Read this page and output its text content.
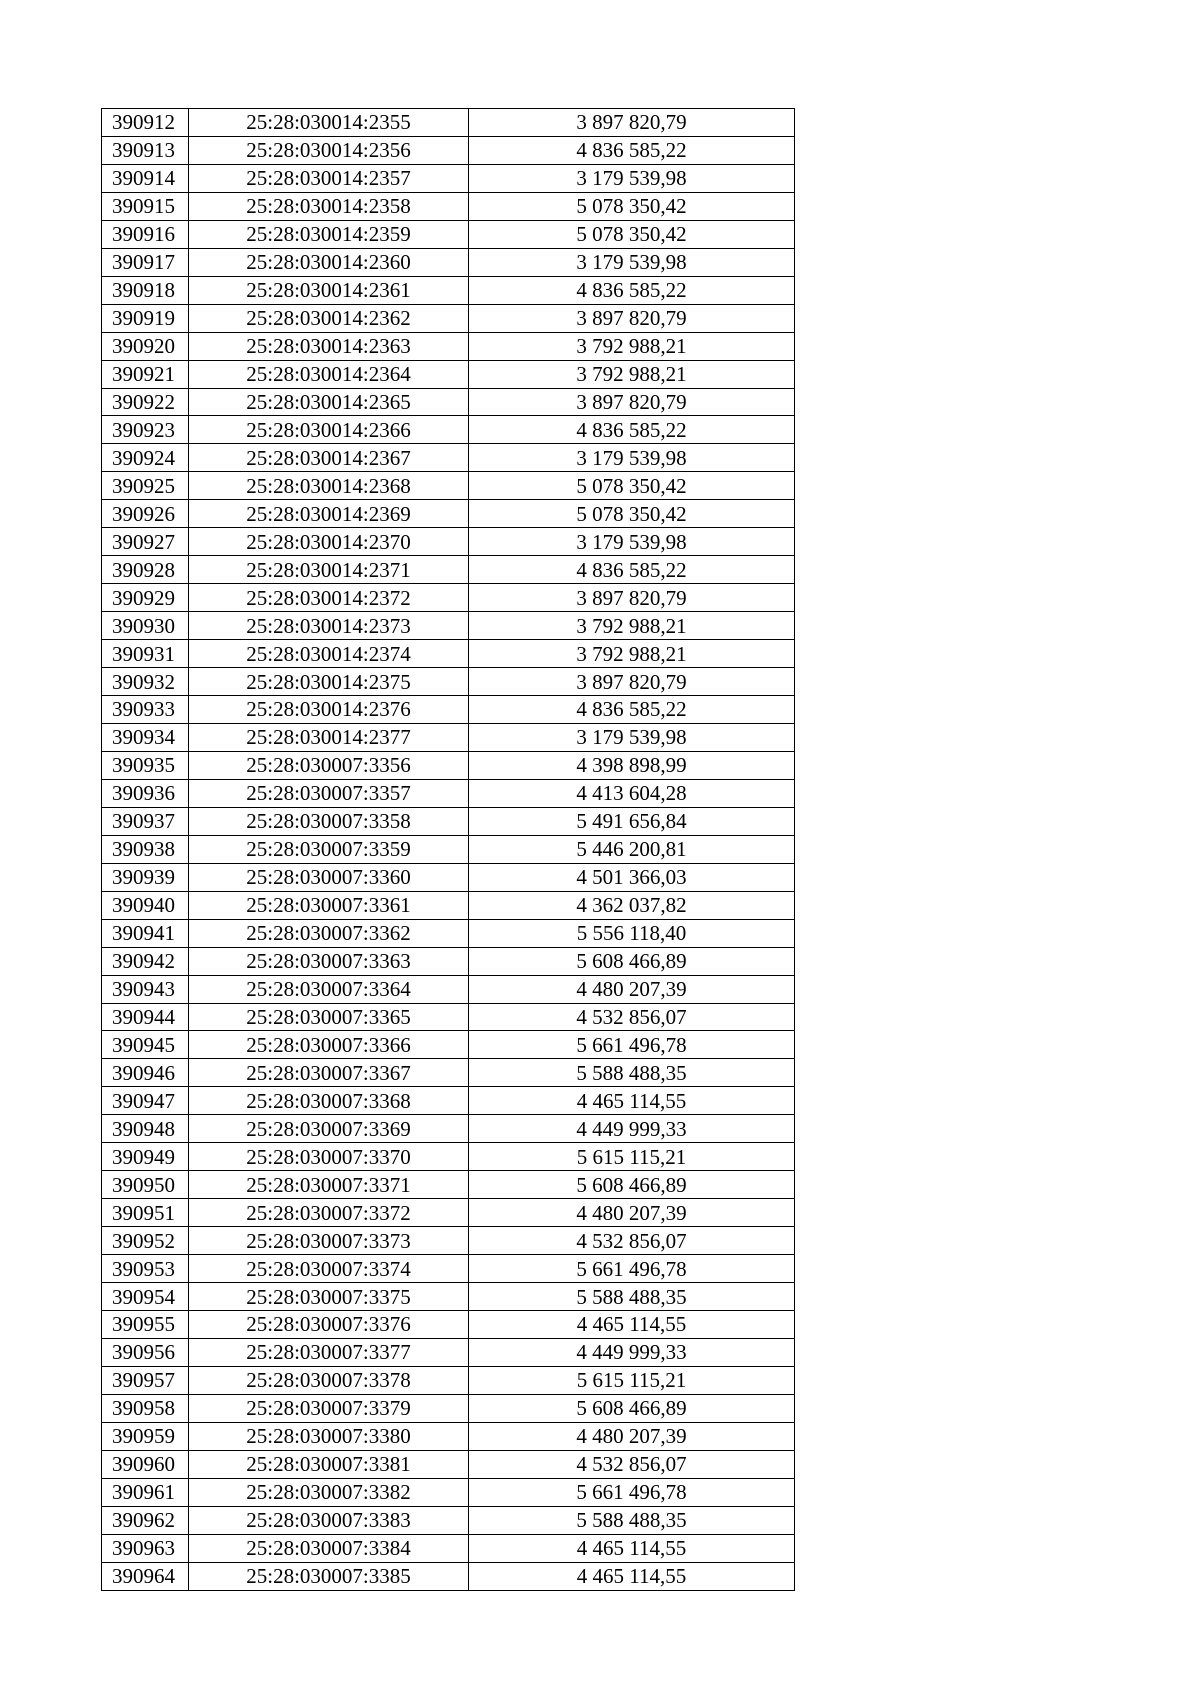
390912	25:28:030014:2355	3 897 820,79
390913	25:28:030014:2356	4 836 585,22
390914	25:28:030014:2357	3 179 539,98
390915	25:28:030014:2358	5 078 350,42
390916	25:28:030014:2359	5 078 350,42
390917	25:28:030014:2360	3 179 539,98
390918	25:28:030014:2361	4 836 585,22
390919	25:28:030014:2362	3 897 820,79
390920	25:28:030014:2363	3 792 988,21
390921	25:28:030014:2364	3 792 988,21
390922	25:28:030014:2365	3 897 820,79
390923	25:28:030014:2366	4 836 585,22
390924	25:28:030014:2367	3 179 539,98
390925	25:28:030014:2368	5 078 350,42
390926	25:28:030014:2369	5 078 350,42
390927	25:28:030014:2370	3 179 539,98
390928	25:28:030014:2371	4 836 585,22
390929	25:28:030014:2372	3 897 820,79
390930	25:28:030014:2373	3 792 988,21
390931	25:28:030014:2374	3 792 988,21
390932	25:28:030014:2375	3 897 820,79
390933	25:28:030014:2376	4 836 585,22
390934	25:28:030014:2377	3 179 539,98
390935	25:28:030007:3356	4 398 898,99
390936	25:28:030007:3357	4 413 604,28
390937	25:28:030007:3358	5 491 656,84
390938	25:28:030007:3359	5 446 200,81
390939	25:28:030007:3360	4 501 366,03
390940	25:28:030007:3361	4 362 037,82
390941	25:28:030007:3362	5 556 118,40
390942	25:28:030007:3363	5 608 466,89
390943	25:28:030007:3364	4 480 207,39
390944	25:28:030007:3365	4 532 856,07
390945	25:28:030007:3366	5 661 496,78
390946	25:28:030007:3367	5 588 488,35
390947	25:28:030007:3368	4 465 114,55
390948	25:28:030007:3369	4 449 999,33
390949	25:28:030007:3370	5 615 115,21
390950	25:28:030007:3371	5 608 466,89
390951	25:28:030007:3372	4 480 207,39
390952	25:28:030007:3373	4 532 856,07
390953	25:28:030007:3374	5 661 496,78
390954	25:28:030007:3375	5 588 488,35
390955	25:28:030007:3376	4 465 114,55
390956	25:28:030007:3377	4 449 999,33
390957	25:28:030007:3378	5 615 115,21
390958	25:28:030007:3379	5 608 466,89
390959	25:28:030007:3380	4 480 207,39
390960	25:28:030007:3381	4 532 856,07
390961	25:28:030007:3382	5 661 496,78
390962	25:28:030007:3383	5 588 488,35
390963	25:28:030007:3384	4 465 114,55
390964	25:28:030007:3385	4 465 114,55
